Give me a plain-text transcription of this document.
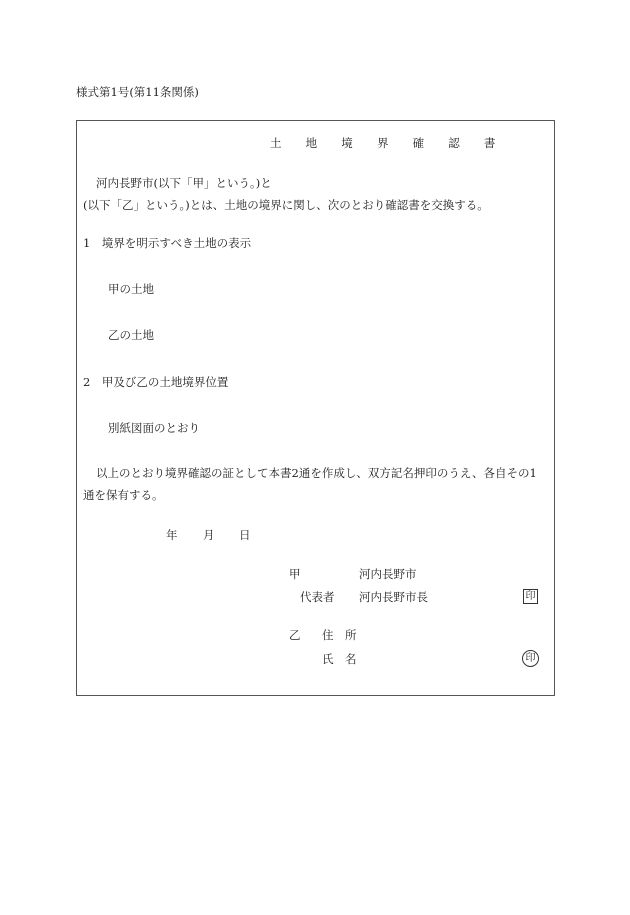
様式第1号(第11条関係)
土　地　境　界　確　認　書
河内長野市(以下「甲」という。)と
(以下「乙」という。)とは、土地の境界に関し、次のとおり確認書を交換する。
1　境界を明示すべき土地の表示
甲の土地
乙の土地
2　甲及び乙の土地境界位置
別紙図面のとおり
以上のとおり境界確認の証として本書2通を作成し、双方記名押印のうえ、各自その1
通を保有する。
年 月 日
甲	河内長野市
代表者 河内長野市長	印
乙 住　所
氏　名	印
